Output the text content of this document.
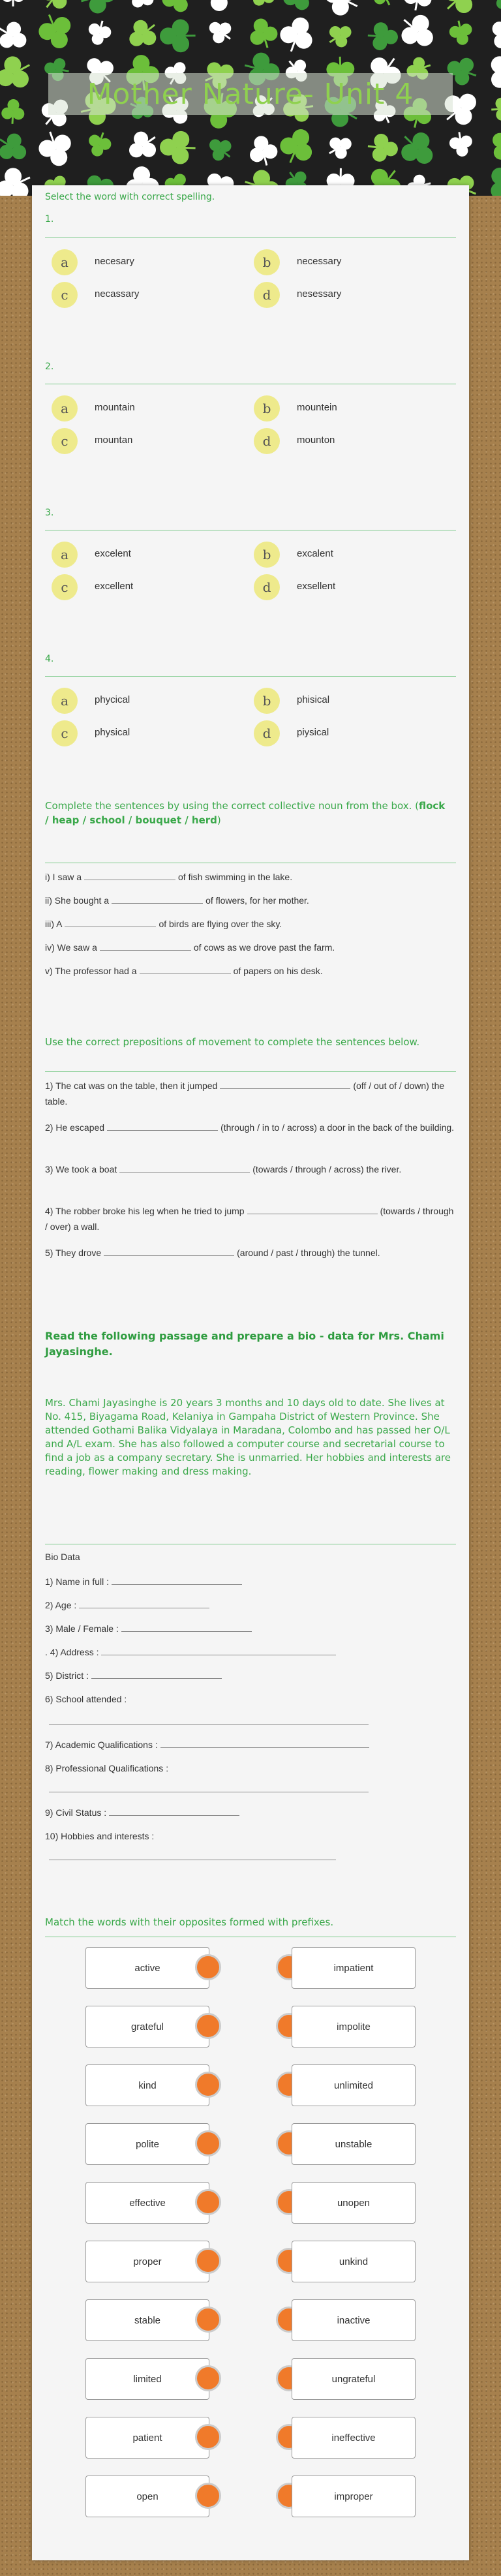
Mother Nature- Unit 4
Select the word with correct spelling.
1.
a	necesary	b	necessary
c	necassary	d	nesessary
2.
a	mountain	b	mountein
c	mountan	d	mounton
3.
a	excelent	b	excalent
c	excellent	d	exsellent
4.
a	phycical	b	phisical
c	physical	d	piysical
Complete the sentences by using the correct collective noun from the box. (flock / heap / school / bouquet / herd)
i) I saw a	of fish swimming in the lake.
ii) She bought a	of flowers, for her mother.
iii) A	of birds are flying over the sky.
iv) We saw a	of cows as we drove past the farm.
v) The professor had a	of papers on his desk.
Use the correct prepositions of movement to complete the sentences below.
1) The cat was on the table, then it jumped	(off / out of / down) the table.
2) He escaped	(through / in to / across) a door in the back of the building.
3) We took a boat	(towards / through / across) the river.
4) The robber broke his leg when he tried to jump	(towards / through / over) a wall.
5) They drove	(around / past / through) the tunnel.
Read the following passage and prepare a bio - data for Mrs. Chami Jayasinghe.
Mrs. Chami Jayasinghe is 20 years 3 months and 10 days old to date. She lives at No. 415, Biyagama Road, Kelaniya in Gampaha District of Western Province. She attended Gothami Balika Vidyalaya in Maradana, Colombo and has passed her O/L and A/L exam. She has also followed a computer course and secretarial course to find a job as a company secretary. She is unmarried. Her hobbies and interests are reading, flower making and dress making.
Bio Data
1) Name in full :
2) Age :
3) Male / Female :
. 4) Address :
5) District :
6) School attended :
7) Academic Qualifications :
8) Professional Qualifications :
9) Civil Status :
10) Hobbies and interests :
Match the words with their opposites formed with prefixes.
active	impatient
grateful	impolite
kind	unlimited
polite	unstable
effective	unopen
proper	unkind
stable	inactive
limited	ungrateful
patient	ineffective
open	improper
